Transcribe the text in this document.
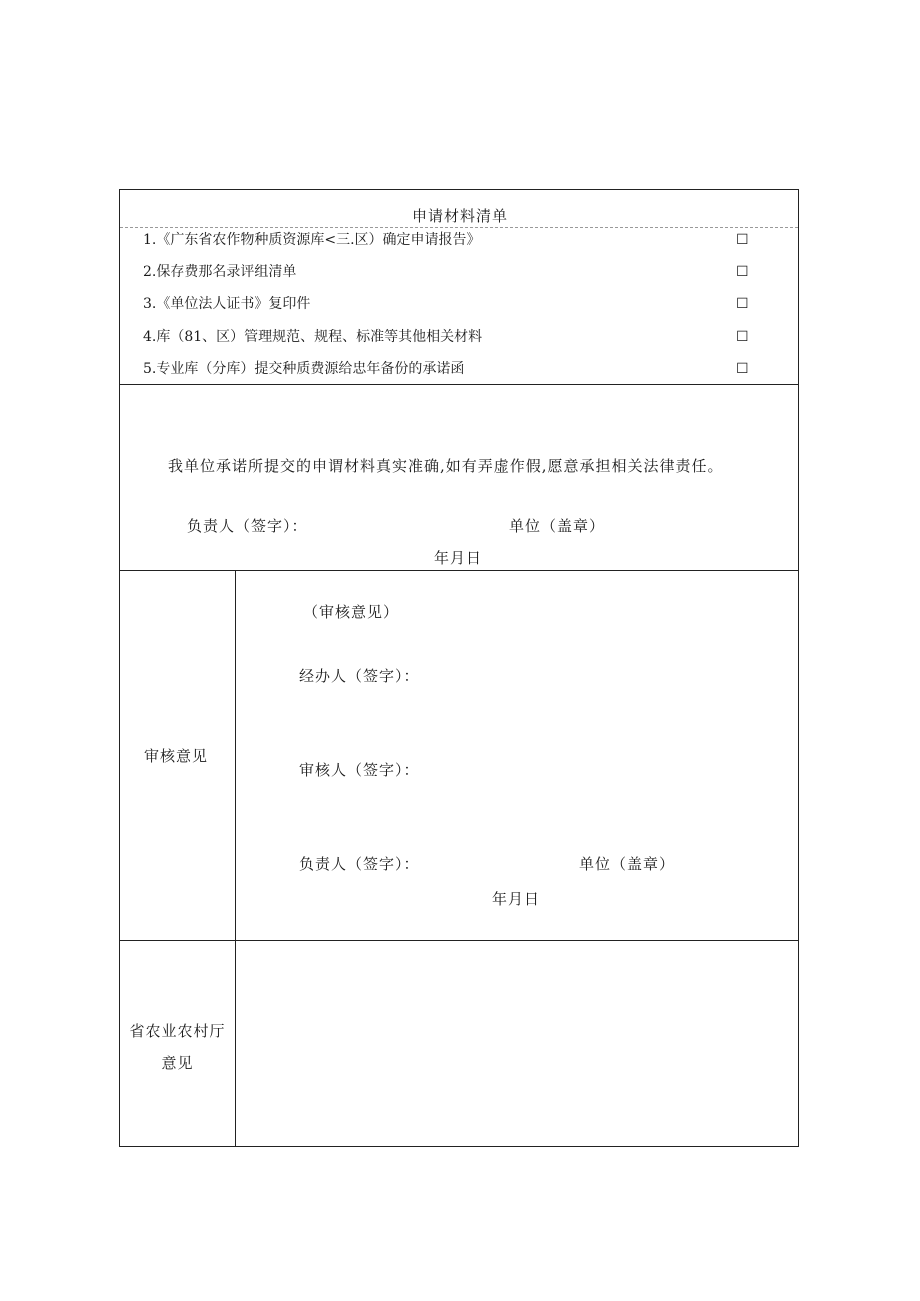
申请材料清单
1.《广东省农作物种质资源库<三.区）确定申请报告》	☐
2.保存费那名录评组清单	☐
3.《单位法人证书》复印件	☐
4.库（81、区）管理规范、规程、标准等其他相关材料	☐
5.专业库（分库）提交种质费源给忠年备份的承诺函	☐
我单位承诺所提交的申谓材料真实准确,如有弄虚作假,愿意承担相关法律责任。
负责人（签字）：	单位（盖章）
年月日
审核意见
（审核意见）
经办人（签字）：
审核人（签字）：
负责人（签字）：	单位（盖章）
年月日
省农业农村厅
意见
